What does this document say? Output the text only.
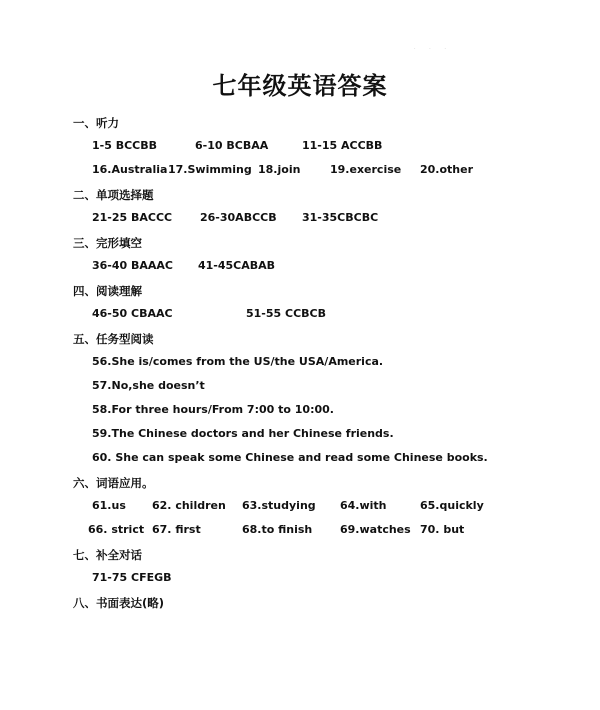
· · ·
七年级英语答案
一、听力
1-5 BCCBB	6-10 BCBAA	11-15 ACCBB
16.Australia 17.Swimming 18.join	19.exercise 20.other
二、单项选择题
21-25 BACCC	26-30ABCCB 31-35CBCBC
三、完形填空
36-40 BAAAC 41-45CABAB
四、阅读理解
46-50 CBAAC	51-55 CCBCB
五、任务型阅读
56.She is/comes from the US/the USA/America.
57.No,she doesn’t
58.For three hours/From 7:00 to 10:00.
59.The Chinese doctors and her Chinese friends.
60. She can speak some Chinese and read some Chinese books.
六、词语应用。
61.us 62. children 63.studying 64.with	65.quickly
66. strict 67. first	68.to finish	69.watches 70. but
七、补全对话
71-75 CFEGB
八、书面表达(略)
